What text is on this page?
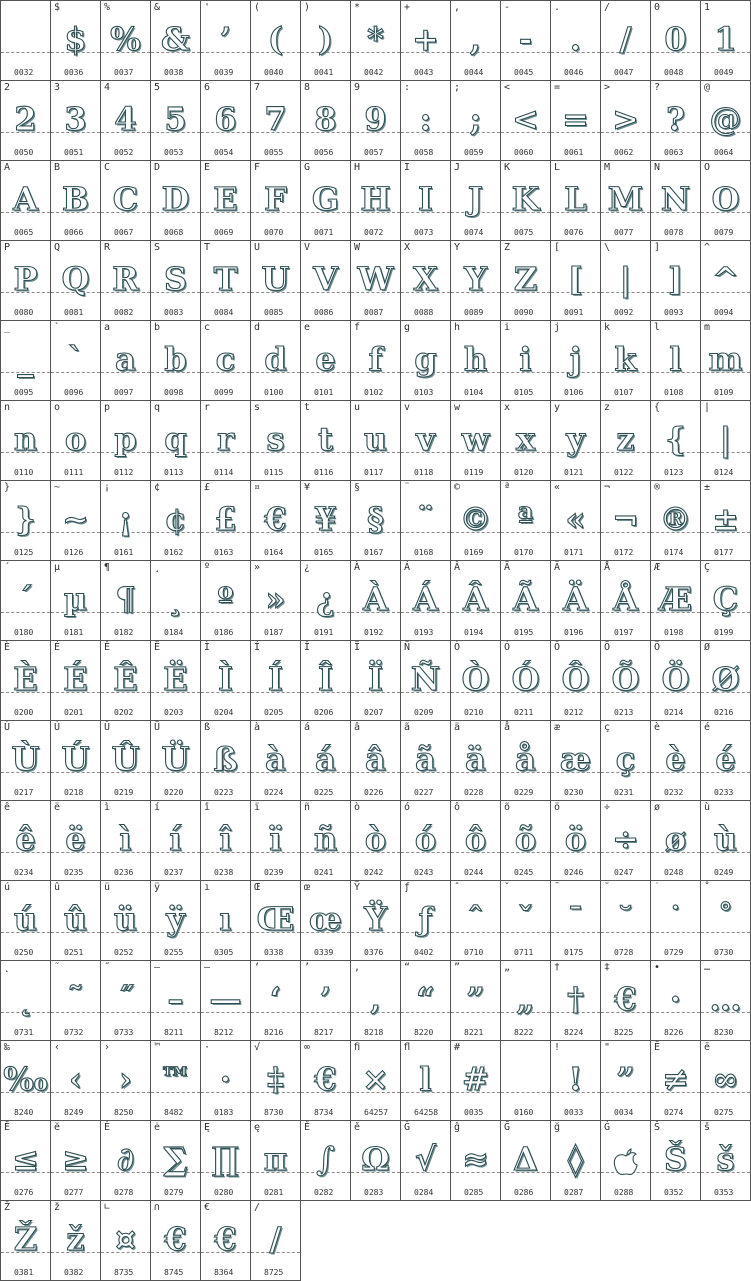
0032
$
$
0036
%
%
0037
&
&
0038
'
’
0039
(
(
0040
)
)
0041
*
*
0042
+
+
0043
,
,
0044
-
-
0045
.
.
0046
/
/
0047
0
0
0048
1
1
0049
2
2
0050
3
3
0051
4
4
0052
5
5
0053
6
6
0054
7
7
0055
8
8
0056
9
9
0057
:
:
0058
;
;
0059
<
<
0060
=
=
0061
>
>
0062
?
?
0063
@
@
0064
A
A
0065
B
B
0066
C
C
0067
D
D
0068
E
E
0069
F
F
0070
G
G
0071
H
H
0072
I
I
0073
J
J
0074
K
K
0075
L
L
0076
M
M
0077
N
N
0078
O
O
0079
P
P
0080
Q
Q
0081
R
R
0082
S
S
0083
T
T
0084
U
U
0085
V
V
0086
W
W
0087
X
X
0088
Y
Y
0089
Z
Z
0090
[
[
0091
\
|
0092
]
]
0093
^
^
0094
_
_
0095
`
`
0096
a
a
0097
b
b
0098
c
c
0099
d
d
0100
e
e
0101
f
f
0102
g
g
0103
h
h
0104
i
i
0105
j
j
0106
k
k
0107
l
l
0108
m
m
0109
n
n
0110
o
o
0111
p
p
0112
q
q
0113
r
r
0114
s
s
0115
t
t
0116
u
u
0117
v
v
0118
w
w
0119
x
x
0120
y
y
0121
z
z
0122
{
{
0123
|
|
0124
}
}
0125
~
~
0126
¡
¡
0161
¢
¢
0162
£
£
0163
¤
€
0164
¥
¥
0165
§
§
0167
¨
¨
0168
©
©
0169
ª
ª
0170
«
«
0171
¬
¬
0172
®
®
0174
±
±
0177
´
´
0180
µ
µ
0181
¶
¶
0182
¸
¸
0184
º
º
0186
»
»
0187
¿
¿
0191
À
À
0192
Á
Á
0193
Â
Â
0194
Ã
Ã
0195
Ä
Ä
0196
Å
Å
0197
Æ
Æ
0198
Ç
Ç
0199
È
È
0200
É
É
0201
Ê
Ê
0202
Ë
Ë
0203
Ì
Ì
0204
Í
Í
0205
Î
Î
0206
Ï
Ï
0207
Ñ
Ñ
0209
Ò
Ò
0210
Ó
Ó
0211
Ô
Ô
0212
Õ
Õ
0213
Ö
Ö
0214
Ø
Ø
0216
Ù
Ù
0217
Ú
Ú
0218
Û
Û
0219
Ü
Ü
0220
ß
ß
0223
à
à
0224
á
á
0225
â
â
0226
ã
ã
0227
ä
ä
0228
å
å
0229
æ
æ
0230
ç
ç
0231
è
è
0232
é
é
0233
ê
ê
0234
ë
ë
0235
ì
ì
0236
í
í
0237
î
î
0238
ï
ï
0239
ñ
ñ
0241
ò
ò
0242
ó
ó
0243
ô
ô
0244
õ
õ
0245
ö
ö
0246
÷
÷
0247
ø
ø
0248
ù
ù
0249
ú
ú
0250
û
û
0251
ü
ü
0252
ÿ
ÿ
0255
ı
ı
0305
Œ
Œ
0338
œ
œ
0339
Ÿ
Ÿ
0376
ƒ
ƒ
0402
ˆ
ˆ
0710
ˇ
ˇ
0711
¯
¯
0175
˘
˘
0728
˙
˙
0729
˚
˚
0730
˛
˛
0731
˜
˜
0732
˝
˝
0733
–
–
8211
—
—
8212
‘
‘
8216
’
’
8217
‚
‚
8218
“
“
8220
”
”
8221
„
„
8222
†
†
8224
‡
€
8225
•
·
8226
…
…
8230
‰
‰
8240
‹
‹
8249
›
›
8250
™
™
8482
·
·
0183
√
‡
8730
∞
€
8734
ﬁ
×
64257
ﬂ
l
64258
#
#
0035	0160
!
!
0033
"
”
0034
Ē
≠
0274
ē
∞
0275
Ĕ
≤
0276
ĕ
≥
0277
Ė
∂
0278
ė
∑
0279
Ę
∏
0280
ę
π
0281
Ě
∫
0282
ě
Ω
0283
Ĝ
√
0284
ĝ
≈
0285
Ğ
Δ
0286
ğ
◊
0287
Ġ
0288
Š
Š
0352
š
š
0353
Ž
Ž
0381
ž
ž
0382
∟
¤
8735
∩
€
8745
€
€
8364
/
/
8725
